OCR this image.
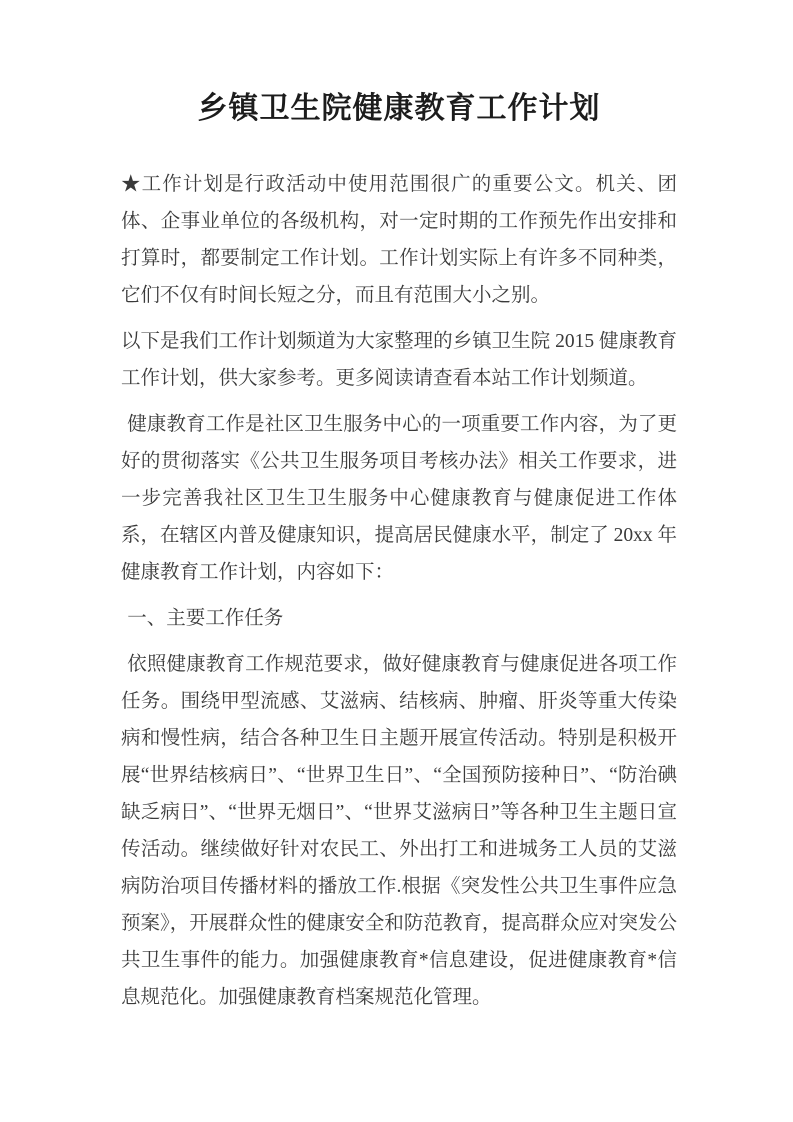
乡镇卫生院健康教育工作计划

★工作计划是行政活动中使用范围很广的重要公文。机关、团体、企事业单位的各级机构，对一定时期的工作预先作出安排和打算时，都要制定工作计划。工作计划实际上有许多不同种类，它们不仅有时间长短之分，而且有范围大小之别。

以下是我们工作计划频道为大家整理的乡镇卫生院 2015 健康教育工作计划，供大家参考。更多阅读请查看本站工作计划频道。

健康教育工作是社区卫生服务中心的一项重要工作内容，为了更好的贯彻落实《公共卫生服务项目考核办法》相关工作要求，进一步完善我社区卫生卫生服务中心健康教育与健康促进工作体系，在辖区内普及健康知识，提高居民健康水平，制定了 20xx 年健康教育工作计划，内容如下：

一、主要工作任务

依照健康教育工作规范要求，做好健康教育与健康促进各项工作任务。围绕甲型流感、艾滋病、结核病、肿瘤、肝炎等重大传染病和慢性病，结合各种卫生日主题开展宣传活动。特别是积极开展“世界结核病日”、“世界卫生日”、“全国预防接种日”、“防治碘缺乏病日”、“世界无烟日”、“世界艾滋病日”等各种卫生主题日宣传活动。继续做好针对农民工、外出打工和进城务工人员的艾滋病防治项目传播材料的播放工作.根据《突发性公共卫生事件应急预案》，开展群众性的健康安全和防范教育，提高群众应对突发公共卫生事件的能力。加强健康教育*信息建设，促进健康教育*信息规范化。加强健康教育档案规范化管理。
